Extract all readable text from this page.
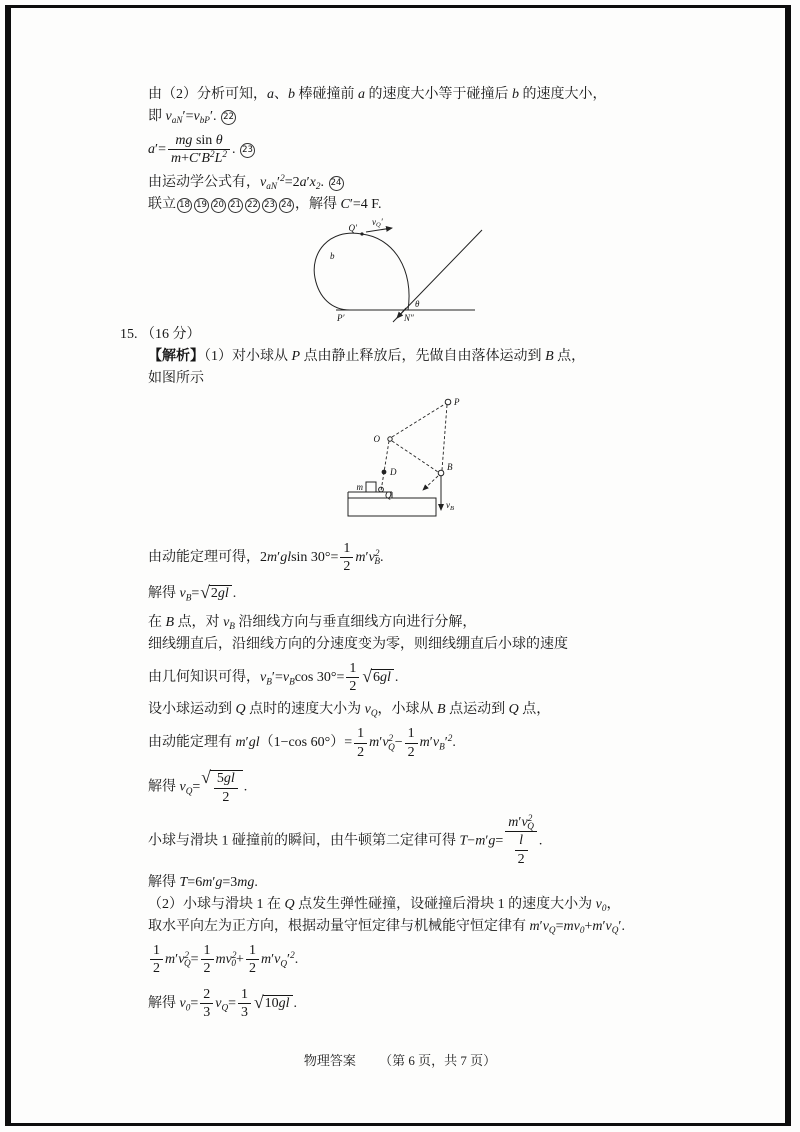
由（2）分析可知，a、b 棒碰撞前 a 的速度大小等于碰撞后 b 的速度大小，
即 $v_{aN}'=v_{bP}'$. 22
$a'= \frac{\text{mg sin θ}}{m+C'B^2L^2}$ . 23
由运动学公式有，$v_{aN}'^2=2a'x_2$. 24
联立 18 19 20 21 22 23 24 ，解得 C′=4 F.
Q′
vQ′
b
P′	N″
θ
15. （16 分）
【解析】（1）对小球从 P 点由静止释放后，先做自由落体运动到 B 点，
如图所示
P
O
D	B
m
Q
$v_B$
由动能定理可得，2m′glsin $30^\circ= \frac{1}{2} m'v^2_B$.
解得 $v_B=$ √ 2gl .
在 B 点，对 $v_B$ 沿细线方向与垂直细线方向进行分解，
细线绷直后，沿细线方向的分速度变为零，则细线绷直后小球的速度
由几何知识可得，$v_B'=v_B\cos$ $30^\circ= \frac{1}{2}$ √ 6gl .
设小球运动到 Q 点时的速度大小为 $v_Q$，小球从 B 点运动到 Q 点，
由动能定理有 m′gl（1−cos $60^\circ)= \frac{1}{2} m'v^2_Q- \frac{1}{2} m'v_B'^2$.
解得 $v_Q=$
√ $\frac{5gl}{2}$ .
小球与滑块 1 碰撞前的瞬间，由牛顿第二定律可得 $T-m'g= \frac{m'v^2_Q}{\frac{l}{2}}$ .
解得 T=6m′g=3mg.
（2）小球与滑块 1 在 Q 点发生弹性碰撞，设碰撞后滑块 1 的速度大小为 $v_0$，
取水平向左为正方向，根据动量守恒定律与机械能守恒定律有 $m'v_Q=mv_0+m'v_Q'$.
$\frac{1}{2} m'v^2_Q= \frac{1}{2} mv^2_0+ \frac{1}{2} m'v_Q'^2$.
解得 $v_0= \frac{2}{3} v_Q= \frac{1}{3}$ √ 10gl .
物理答案 （第 6 页，共 7 页）
